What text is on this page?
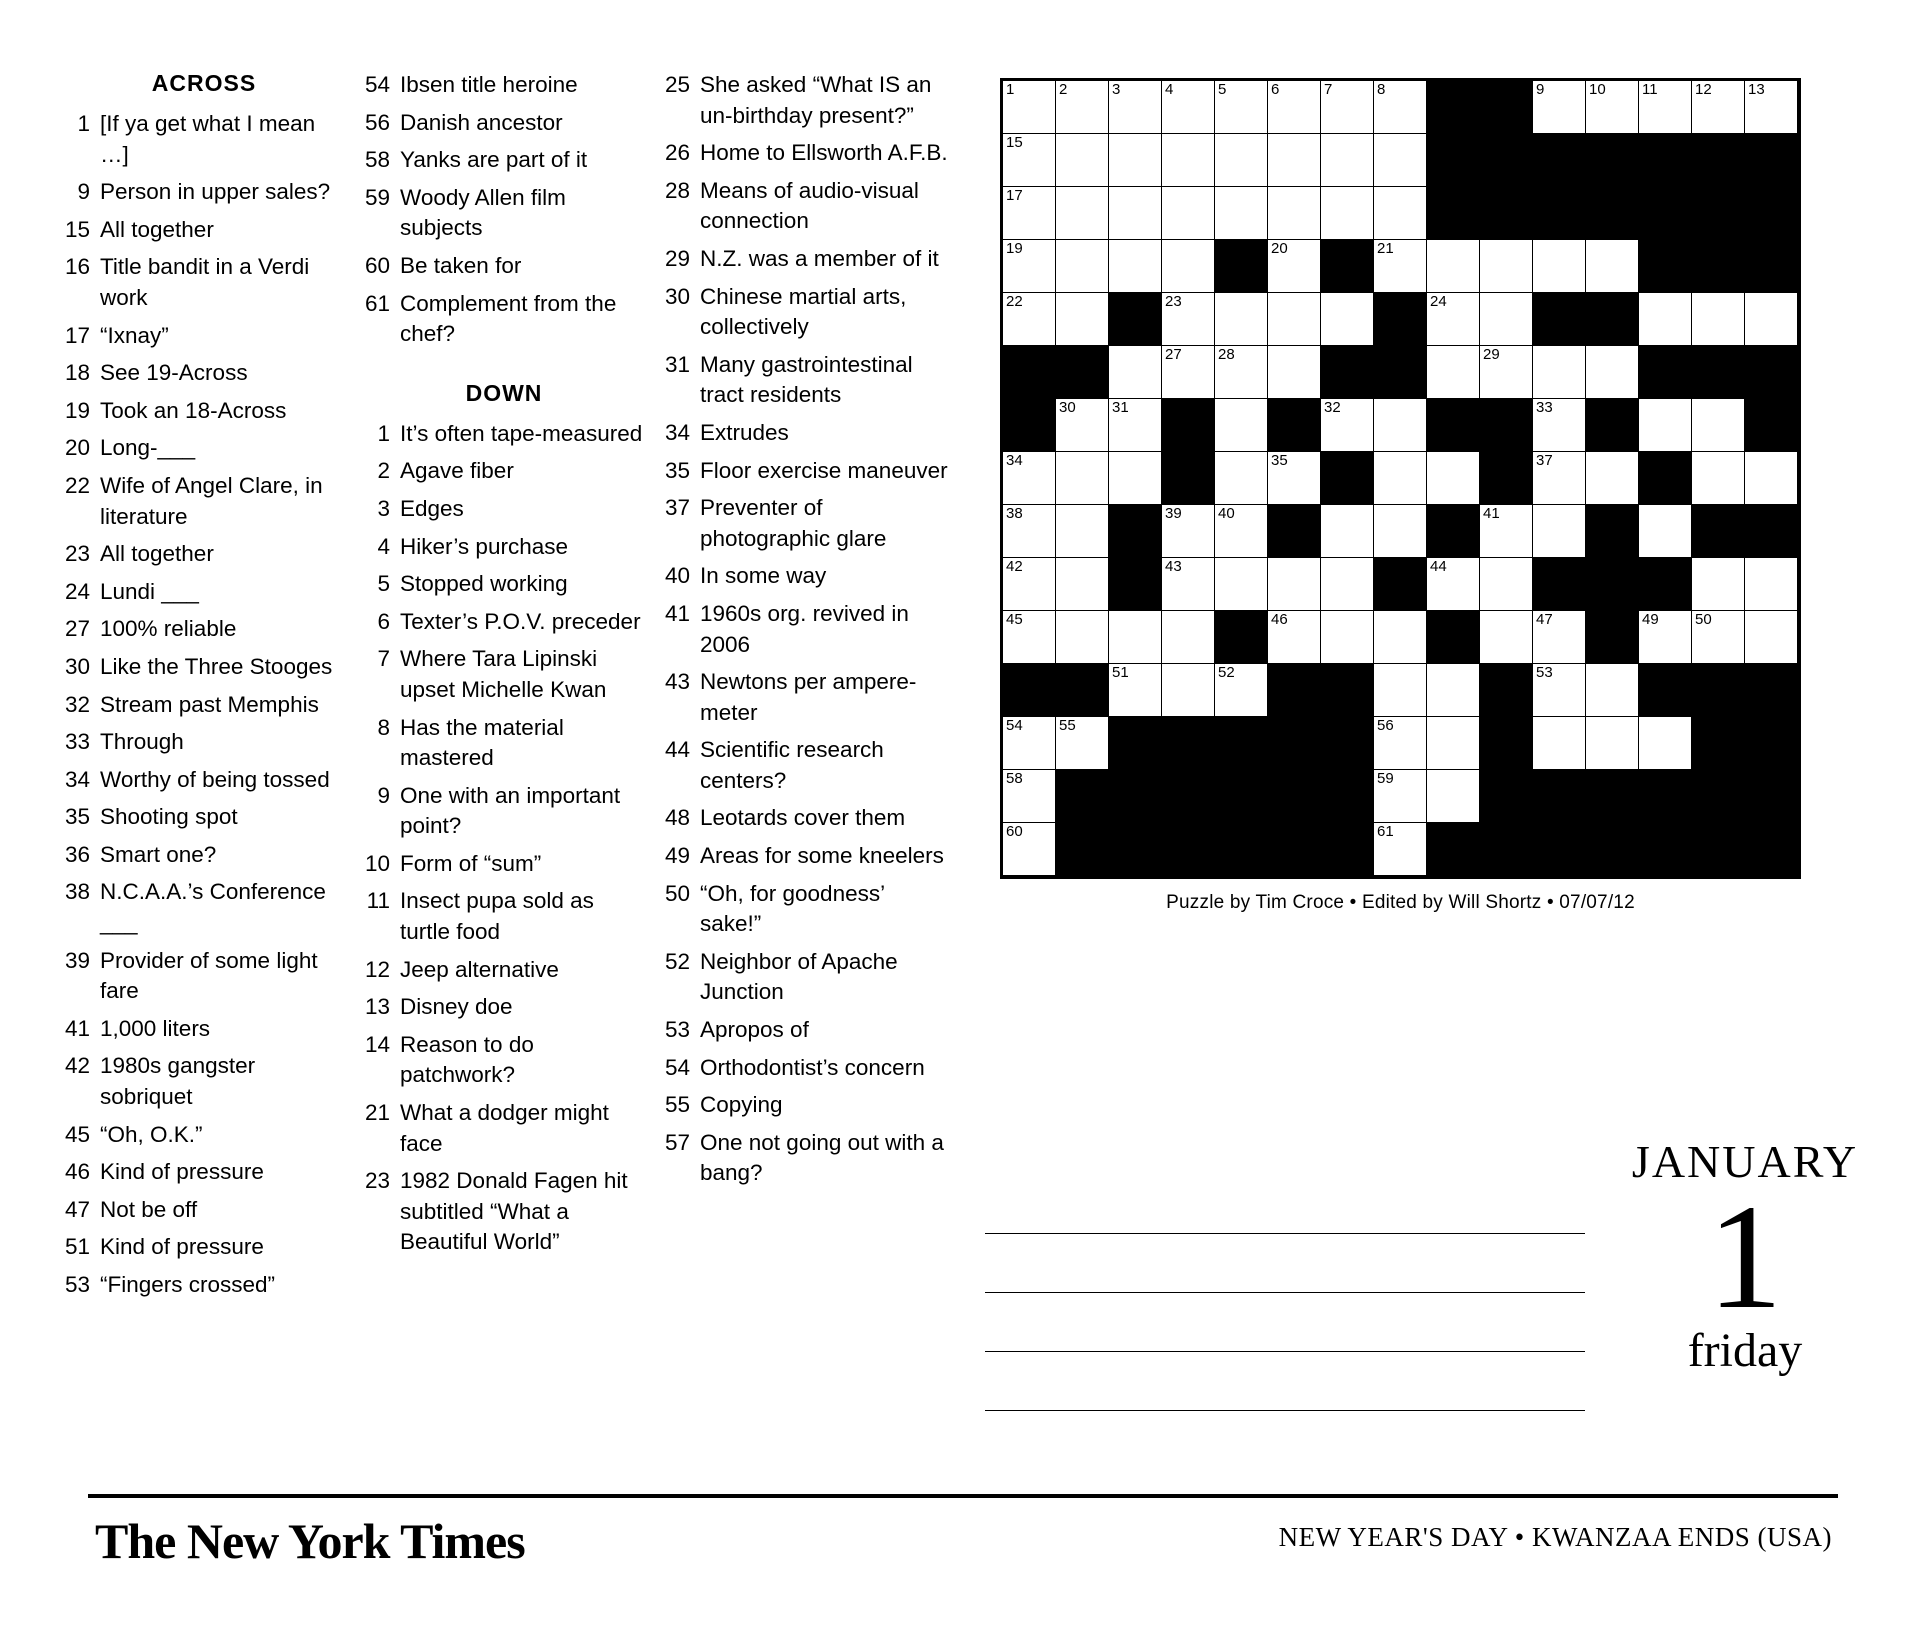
ACROSS
1 [If ya get what I mean …]
9 Person in upper sales?
15 All together
16 Title bandit in a Verdi work
17 “Ixnay”
18 See 19-Across
19 Took an 18-Across
20 Long-___
22 Wife of Angel Clare, in literature
23 All together
24 Lundi ___
27 100% reliable
30 Like the Three Stooges
32 Stream past Memphis
33 Through
34 Worthy of being tossed
35 Shooting spot
36 Smart one?
38 N.C.A.A.’s Conference ___
39 Provider of some light fare
41 1,000 liters
42 1980s gangster sobriquet
45 “Oh, O.K.”
46 Kind of pressure
47 Not be off
51 Kind of pressure
53 “Fingers crossed”
54 Ibsen title heroine
56 Danish ancestor
58 Yanks are part of it
59 Woody Allen film subjects
60 Be taken for
61 Complement from the chef?
DOWN
1 It’s often tape-measured
2 Agave fiber
3 Edges
4 Hiker’s purchase
5 Stopped working
6 Texter’s P.O.V. preceder
7 Where Tara Lipinski upset Michelle Kwan
8 Has the material mastered
9 One with an important point?
10 Form of “sum”
11 Insect pupa sold as turtle food
12 Jeep alternative
13 Disney doe
14 Reason to do patchwork?
21 What a dodger might face
23 1982 Donald Fagen hit subtitled “What a Beautiful World”
25 She asked “What IS an un-birthday present?”
26 Home to Ellsworth A.F.B.
28 Means of audio-visual connection
29 N.Z. was a member of it
30 Chinese martial arts, collectively
31 Many gastrointestinal tract residents
34 Extrudes
35 Floor exercise maneuver
37 Preventer of photographic glare
40 In some way
41 1960s org. revived in 2006
43 Newtons per ampere-meter
44 Scientific research centers?
48 Leotards cover them
49 Areas for some kneelers
50 “Oh, for goodness’ sake!”
52 Neighbor of Apache Junction
53 Apropos of
54 Orthodontist’s concern
55 Copying
57 One not going out with a bang?
1	2	3	4	5	6	7	8	9	10 11 12 13
15
17
19	20	21
22	23	24
27 28	29
30 31	32	33
34	35	37
38	39 40	41
42	43	44
45	46	47	49 50
51	52	53
54 55	56
58	59
60	61
Puzzle by Tim Croce • Edited by Will Shortz • 07/07/12
JANUARY
1
friday
The New York Times	NEW YEAR'S DAY • KWANZAA ENDS (USA)
